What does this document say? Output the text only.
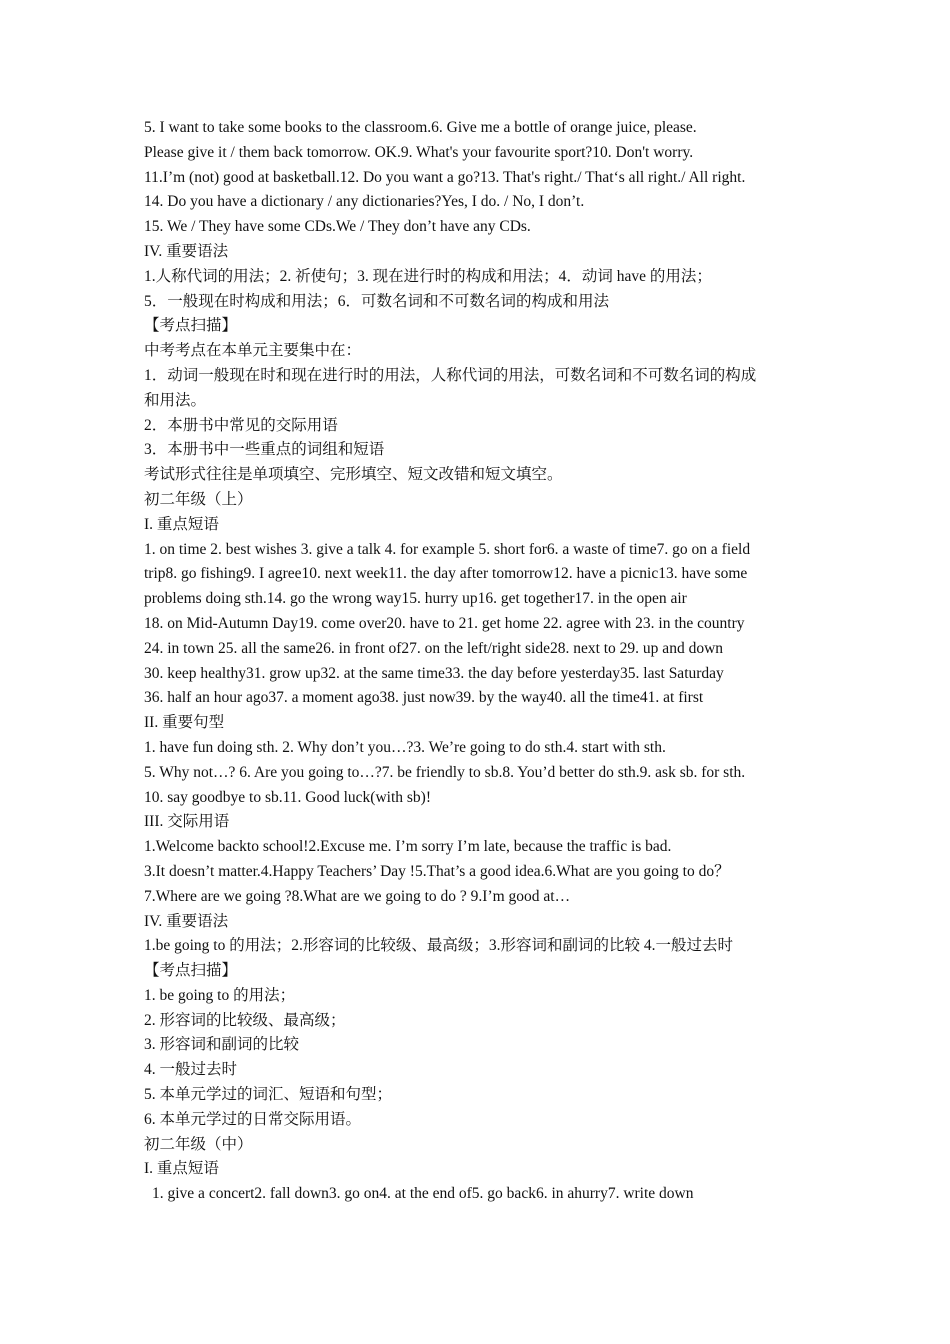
5. I want to take some books to the classroom.6. Give me a bottle of orange juice, please.

Please give it / them back tomorrow. OK.9. What's your favourite sport?10. Don't worry.

11.I’m (not) good at basketball.12. Do you want a go?13. That's right./ That‘s all right./ All right.

14. Do you have a dictionary / any dictionaries?Yes, I do. / No, I don’t.

15. We / They have some CDs.We / They don’t have any CDs.

IV. 重要语法

1.人称代词的用法；2. 祈使句；3. 现在进行时的构成和用法；4．动词 have 的用法；

5．一般现在时构成和用法；6．可数名词和不可数名词的构成和用法

【考点扫描】

中考考点在本单元主要集中在：

1．动词一般现在时和现在进行时的用法，人称代词的用法，可数名词和不可数名词的构成

和用法。

2．本册书中常见的交际用语

3．本册书中一些重点的词组和短语

考试形式往往是单项填空、完形填空、短文改错和短文填空。

初二年级（上）

I. 重点短语

1. on time 2. best wishes 3. give a talk 4. for example 5. short for6. a waste of time7. go on a field

trip8. go fishing9. I agree10. next week11. the day after tomorrow12. have a picnic13. have some

problems doing sth.14. go the wrong way15. hurry up16. get together17. in the open air

18. on Mid-Autumn Day19. come over20. have to 21. get home 22. agree with 23. in the country

24. in town 25. all the same26. in front of27. on the left/right side28. next to 29. up and down

30. keep healthy31. grow up32. at the same time33. the day before yesterday35. last Saturday

36. half an hour ago37. a moment ago38. just now39. by the way40. all the time41. at first

II. 重要句型

1. have fun doing sth. 2. Why don’t you…?3. We’re going to do sth.4. start with sth.

5. Why not…? 6. Are you going to…?7. be friendly to sb.8. You’d better do sth.9. ask sb. for sth.

10. say goodbye to sb.11. Good luck(with sb)!

III. 交际用语

1.Welcome backto school!2.Excuse me. I’m sorry I’m late, because the traffic is bad.

3.It doesn’t matter.4.Happy Teachers’ Day !5.That’s a good idea.6.What are you going to do？

7.Where are we going ?8.What are we going to do ? 9.I’m good at…

IV. 重要语法

1.be going to 的用法；2.形容词的比较级、最高级；3.形容词和副词的比较 4.一般过去时

【考点扫描】

1. be going to 的用法；

2. 形容词的比较级、最高级；

3. 形容词和副词的比较

4. 一般过去时

5. 本单元学过的词汇、短语和句型；

6. 本单元学过的日常交际用语。

初二年级（中）

I. 重点短语

1. give a concert2. fall down3. go on4. at the end of5. go back6. in ahurry7. write down
